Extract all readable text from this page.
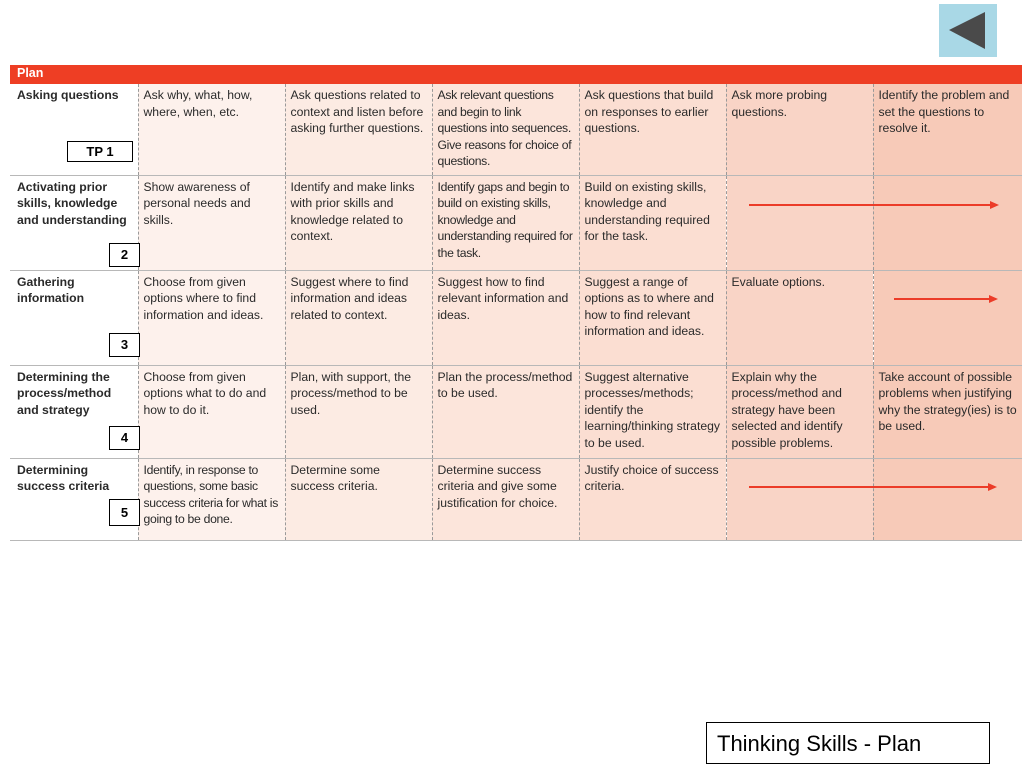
Plan						
Asking questions
TP 1	Ask why, what, how, where, when, etc.	Ask questions related to context and listen before asking further questions.	Ask relevant questions and begin to link questions into sequences. Give reasons for choice of questions.	Ask questions that build on responses to earlier questions.	Ask more probing questions.	Identify the problem and set the questions to resolve it.
Activating prior skills, knowledge and understanding
2	Show awareness of personal needs and skills.	Identify and make links with prior skills and knowledge related to context.	Identify gaps and begin to build on existing skills, knowledge and understanding required for the task.	Build on existing skills, knowledge and understanding required for the task.	

Gathering information
3	Choose from given options where to find information and ideas.	Suggest where to find information and ideas related to context.	Suggest how to find relevant information and ideas.	Suggest a range of options as to where and how to find relevant information and ideas.	Evaluate options.	

Determining the process/method and strategy
4	Choose from given options what to do and how to do it.	Plan, with support, the process/method to be used.	Plan the process/method to be used.	Suggest alternative processes/methods; identify the learning/thinking strategy to be used.	Explain why the process/method and strategy have been selected and identify possible problems.	Take account of possible problems when justifying why the strategy(ies) is to be used.
Determining success criteria
5	Identify, in response to questions, some basic success criteria for what is going to be done.	Determine some success criteria.	Determine success criteria and give some justification for choice.	Justify choice of success criteria.	

Thinking Skills - Plan
